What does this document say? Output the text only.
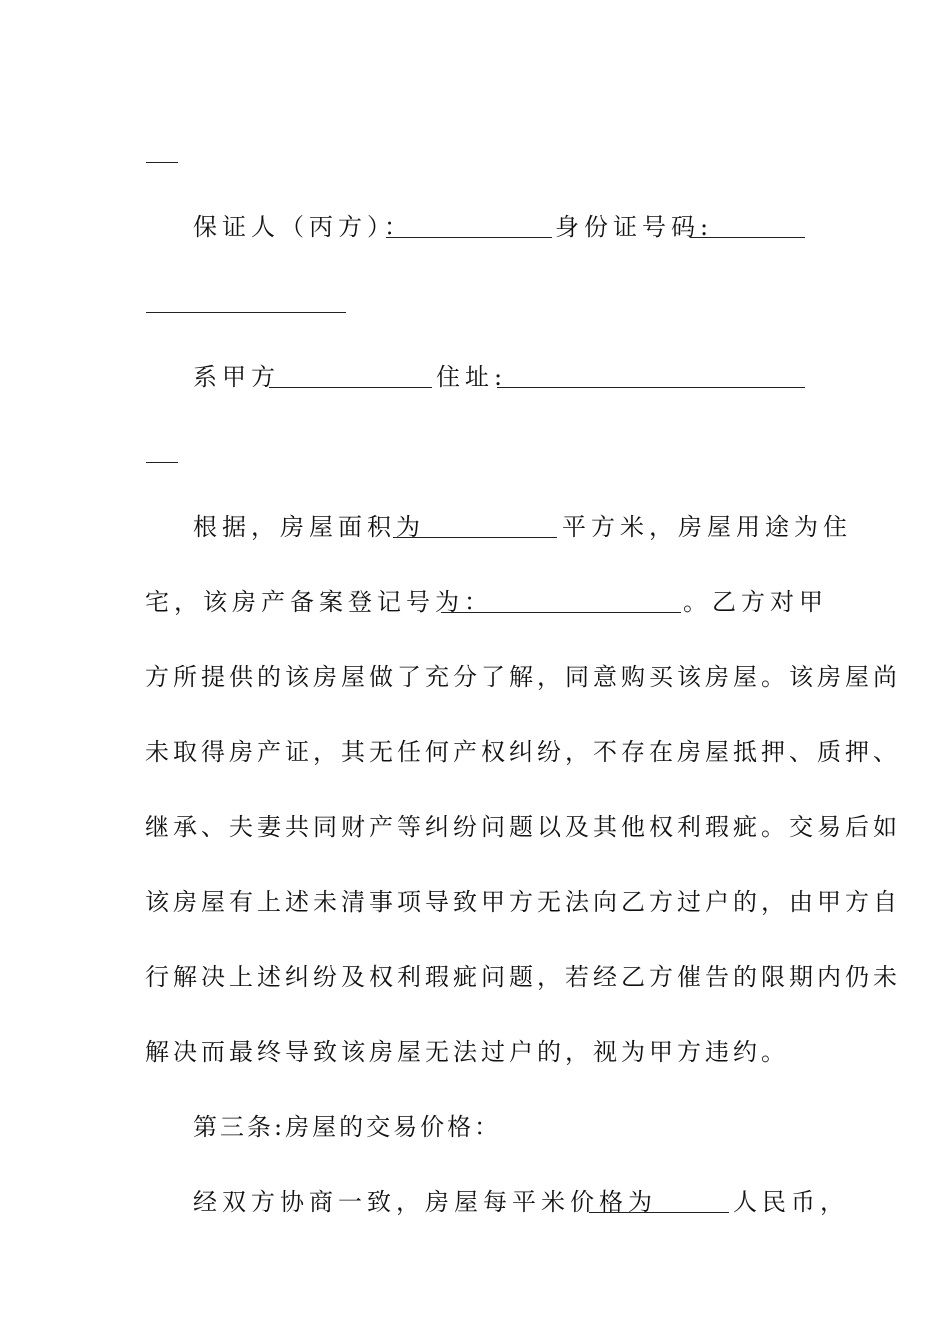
保证人（丙方）：	身份证号码:
系甲方	住址:
根据，房屋面积为	平方米，房屋用途为住
宅，该房产备案登记号为：	。乙方对甲
方所提供的该房屋做了充分了解，同意购买该房屋。该房屋尚
未取得房产证，其无任何产权纠纷，不存在房屋抵押、质押、
继承、夫妻共同财产等纠纷问题以及其他权利瑕疵。交易后如
该房屋有上述未清事项导致甲方无法向乙方过户的，由甲方自
行解决上述纠纷及权利瑕疵问题，若经乙方催告的限期内仍未
解决而最终导致该房屋无法过户的，视为甲方违约。
第三条:房屋的交易价格：
经双方协商一致，房屋每平米价格为	人民币，
